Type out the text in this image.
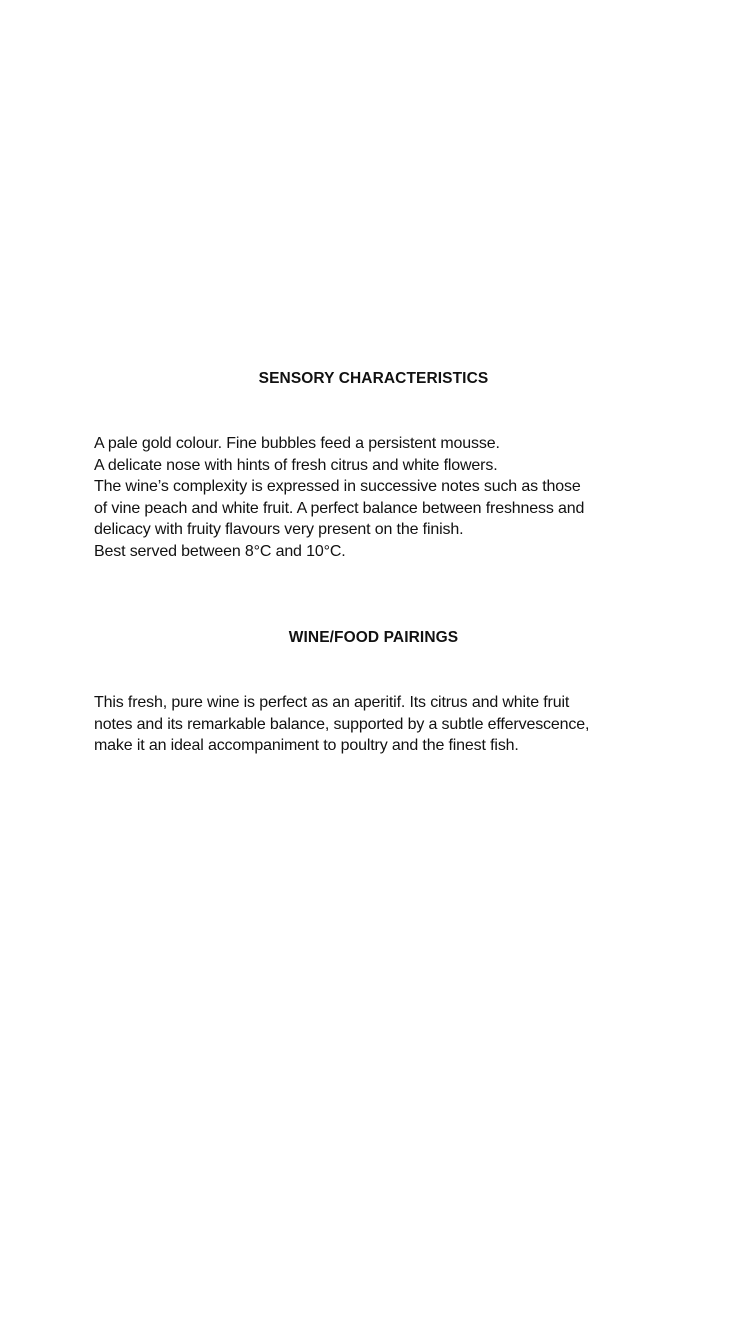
SENSORY CHARACTERISTICS
A pale gold colour. Fine bubbles feed a persistent mousse.
A delicate nose with hints of fresh citrus and white flowers.
The wine’s complexity is expressed in successive notes such as those
of vine peach and white fruit. A perfect balance between freshness and
delicacy with fruity flavours very present on the finish.
Best served between 8°C and 10°C.
WINE/FOOD PAIRINGS
This fresh, pure wine is perfect as an aperitif. Its citrus and white fruit
notes and its remarkable balance, supported by a subtle effervescence,
make it an ideal accompaniment to poultry and the finest fish.
